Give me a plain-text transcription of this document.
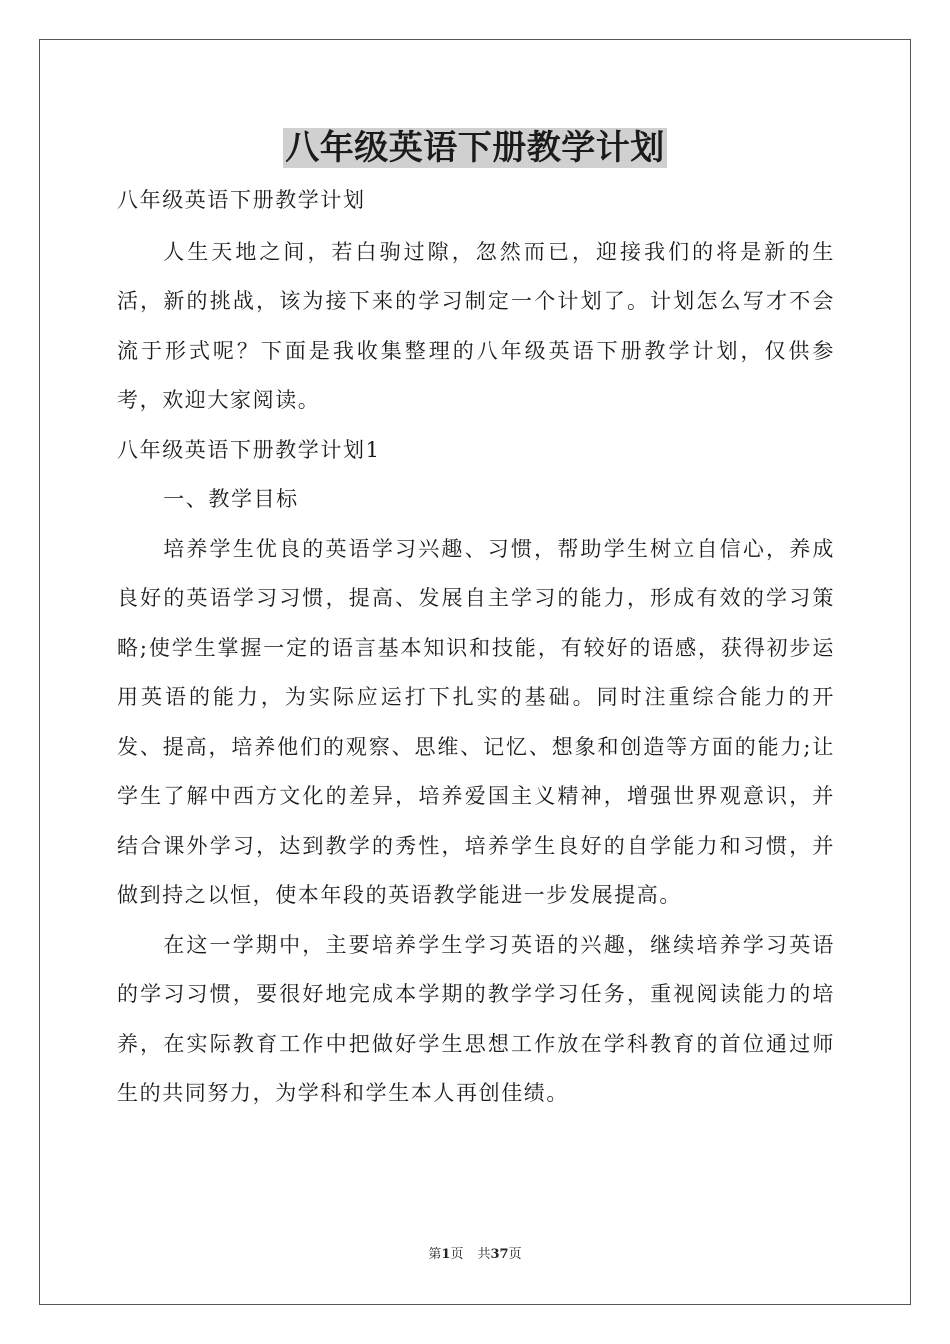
八年级英语下册教学计划

八年级英语下册教学计划

人生天地之间，若白驹过隙，忽然而已，迎接我们的将是新的生活，新的挑战，该为接下来的学习制定一个计划了。计划怎么写才不会流于形式呢？下面是我收集整理的八年级英语下册教学计划，仅供参考，欢迎大家阅读。

八年级英语下册教学计划1

一、教学目标

培养学生优良的英语学习兴趣、习惯，帮助学生树立自信心，养成良好的英语学习习惯，提高、发展自主学习的能力，形成有效的学习策略;使学生掌握一定的语言基本知识和技能，有较好的语感，获得初步运用英语的能力，为实际应运打下扎实的基础。同时注重综合能力的开发、提高，培养他们的观察、思维、记忆、想象和创造等方面的能力;让学生了解中西方文化的差异，培养爱国主义精神，增强世界观意识，并结合课外学习，达到教学的秀性，培养学生良好的自学能力和习惯，并做到持之以恒，使本年段的英语教学能进一步发展提高。

在这一学期中，主要培养学生学习英语的兴趣，继续培养学习英语的学习习惯，要很好地完成本学期的教学学习任务，重视阅读能力的培养，在实际教育工作中把做好学生思想工作放在学科教育的首位通过师生的共同努力，为学科和学生本人再创佳绩。

第1页 共37页
